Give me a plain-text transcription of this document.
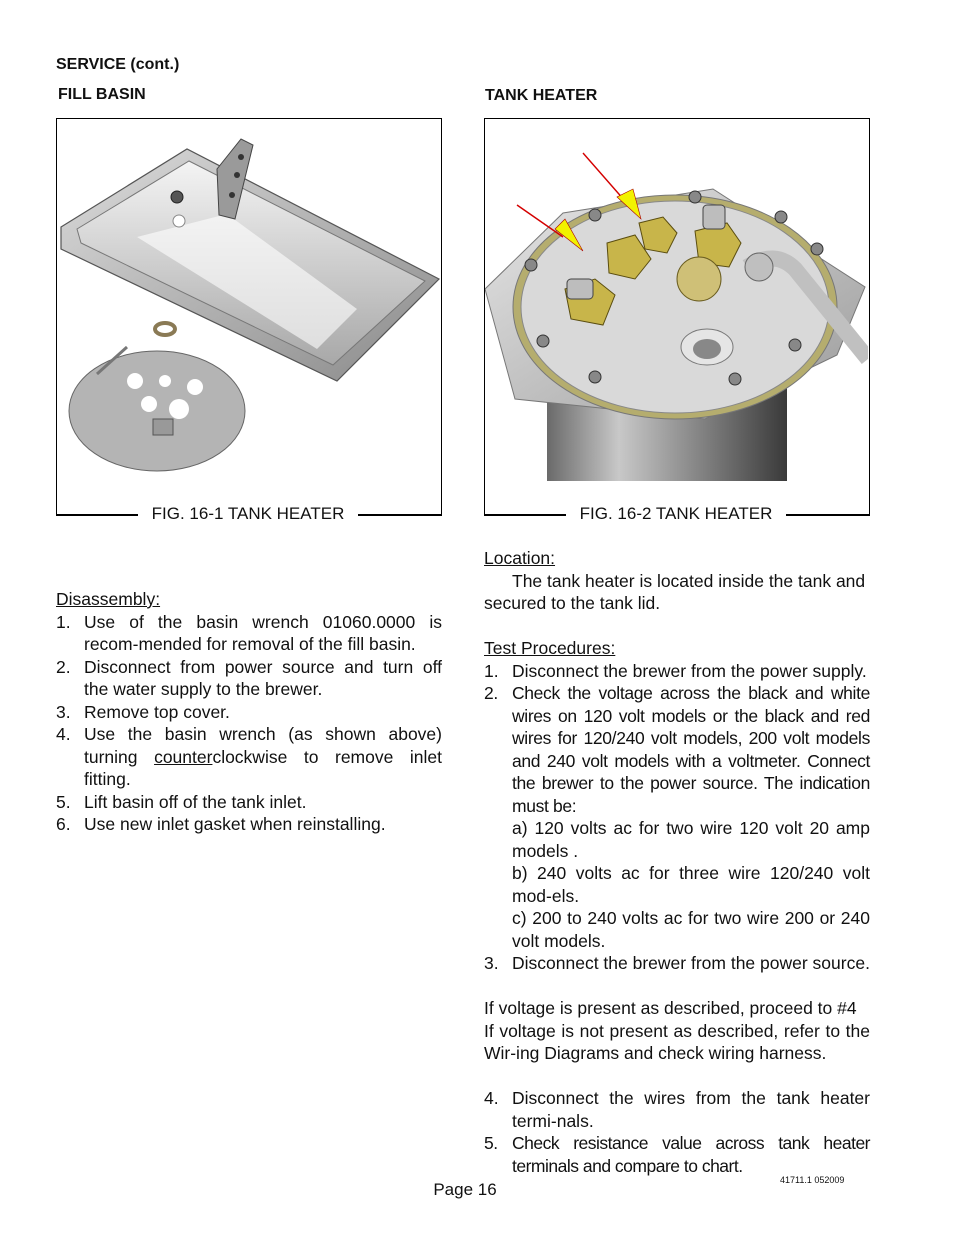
SERVICE (cont.)
FILL BASIN	TANK HEATER
FIG. 16-1 TANK HEATER	FIG. 16-2 TANK HEATER
Disassembly:
1. Use of the basin wrench 01060.0000 is recom-mended for removal of the fill basin.
2. Disconnect from power source and turn off the water supply to the brewer.
3. Remove top cover.
4. Use the basin wrench (as shown above) turning counterclockwise to remove inlet fitting.
5. Lift basin off of the tank inlet.
6. Use new inlet gasket when reinstalling.
Location:
The tank heater is located inside the tank and secured to the tank lid.
Test Procedures:
1. Disconnect the brewer from the power supply.
2. Check the voltage across the black and white wires on 120 volt models or the black and red wires for 120/240 volt models, 200 volt models and 240 volt models with a voltmeter. Connect the brewer to the power source. The indication must be:
a) 120 volts ac for two wire 120 volt 20 amp models .
b) 240 volts ac for three wire 120/240 volt mod-els.
c) 200 to 240 volts ac for two wire 200 or 240 volt models.
3. Disconnect the brewer from the power source.
If voltage is present as described, proceed to #4
If voltage is not present as described, refer to the Wir-ing Diagrams and check wiring harness.
4. Disconnect the wires from the tank heater termi-nals.
5. Check resistance value across tank heater terminals and compare to chart.
Page 16	41711.1 052009
